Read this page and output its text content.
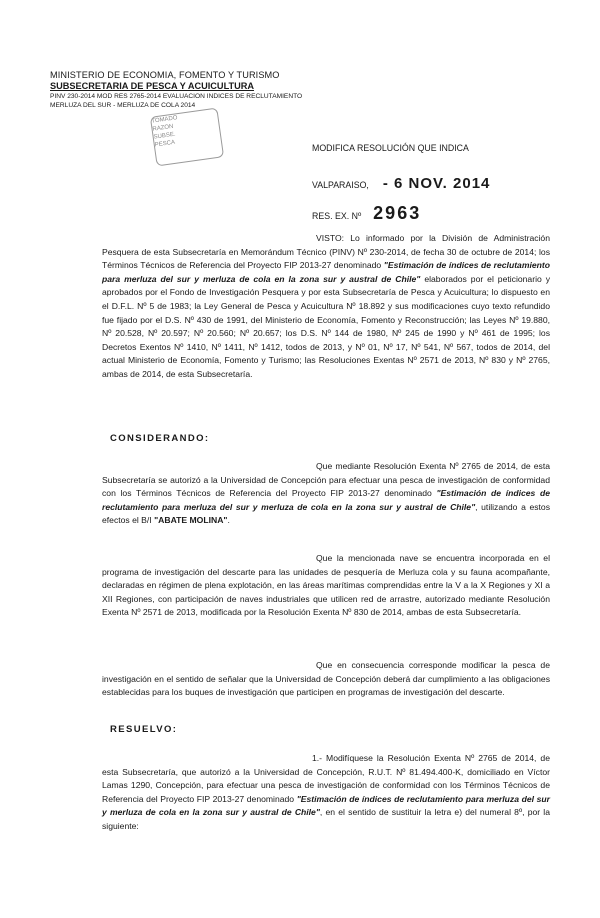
MINISTERIO DE ECONOMIA, FOMENTO Y TURISMO
SUBSECRETARIA DE PESCA Y ACUICULTURA
PINV 230-2014 MOD RES 2765-2014 EVALUACION INDICES DE RECLUTAMIENTO
MERLUZA DEL SUR - MERLUZA DE COLA 2014
TOMADO
RAZON
SUBSE.
PESCA	MODIFICA RESOLUCIÓN QUE INDICA
VALPARAISO, - 6 NOV. 2014
RES. EX. Nº 2963
VISTO: Lo informado por la División de Administración Pesquera de esta Subsecretaría en Memorándum Técnico (PINV) Nº 230-2014, de fecha 30 de octubre de 2014; los Términos Técnicos de Referencia del Proyecto FIP 2013-27 denominado "Estimación de índices de reclutamiento para merluza del sur y merluza de cola en la zona sur y austral de Chile" elaborados por el peticionario y aprobados por el Fondo de Investigación Pesquera y por esta Subsecretaría de Pesca y Acuicultura; lo dispuesto en el D.F.L. Nº 5 de 1983; la Ley General de Pesca y Acuicultura Nº 18.892 y sus modificaciones cuyo texto refundido fue fijado por el D.S. Nº 430 de 1991, del Ministerio de Economía, Fomento y Reconstrucción; las Leyes Nº 19.880, Nº 20.528, Nº 20.597; Nº 20.560; Nº 20.657; los D.S. Nº 144 de 1980, Nº 245 de 1990 y Nº 461 de 1995; los Decretos Exentos Nº 1410, Nº 1411, Nº 1412, todos de 2013, y Nº 01, Nº 17, Nº 541, Nº 567, todos de 2014, del actual Ministerio de Economía, Fomento y Turismo; las Resoluciones Exentas Nº 2571 de 2013, Nº 830 y Nº 2765, ambas de 2014, de esta Subsecretaría.
CONSIDERANDO:
Que mediante Resolución Exenta Nº 2765 de 2014, de esta Subsecretaría se autorizó a la Universidad de Concepción para efectuar una pesca de investigación de conformidad con los Términos Técnicos de Referencia del Proyecto FIP 2013-27 denominado "Estimación de índices de reclutamiento para merluza del sur y merluza de cola en la zona sur y austral de Chile", utilizando a estos efectos el B/I "ABATE MOLINA".
Que la mencionada nave se encuentra incorporada en el programa de investigación del descarte para las unidades de pesquería de Merluza cola y su fauna acompañante, declaradas en régimen de plena explotación, en las áreas marítimas comprendidas entre la V a la X Regiones y XI a XII Regiones, con participación de naves industriales que utilicen red de arrastre, autorizado mediante Resolución Exenta Nº 2571 de 2013, modificada por la Resolución Exenta Nº 830 de 2014, ambas de esta Subsecretaría.
Que en consecuencia corresponde modificar la pesca de investigación en el sentido de señalar que la Universidad de Concepción deberá dar cumplimiento a las obligaciones establecidas para los buques de investigación que participen en programas de investigación del descarte.
RESUELVO:
1.- Modifíquese la Resolución Exenta Nº 2765 de 2014, de esta Subsecretaría, que autorizó a la Universidad de Concepción, R.U.T. Nº 81.494.400-K, domiciliado en Víctor Lamas 1290, Concepción, para efectuar una pesca de investigación de conformidad con los Términos Técnicos de Referencia del Proyecto FIP 2013-27 denominado "Estimación de índices de reclutamiento para merluza del sur y merluza de cola en la zona sur y austral de Chile", en el sentido de sustituir la letra e) del numeral 8º, por la siguiente:
